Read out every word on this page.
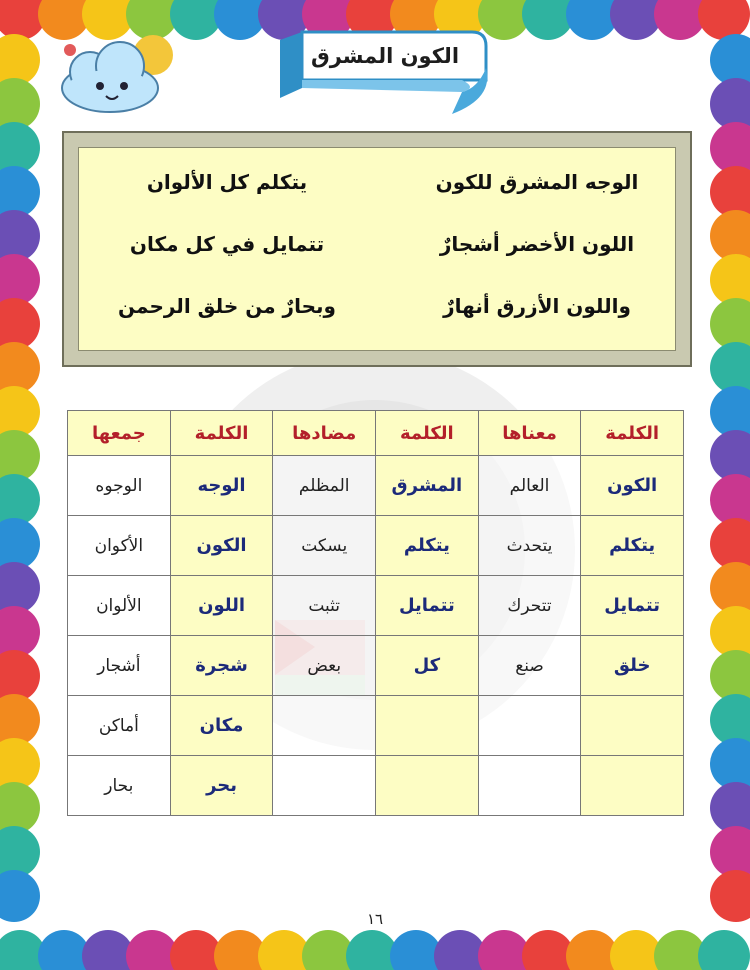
الكون المشرق
الوجه المشرق للكون
يتكلم كل الألوان
اللون الأخضر أشجارٌ
تتمايل في كل مكان
واللون الأزرق أنهارٌ
وبحارٌ من خلق الرحمن
الكلمة	معناها	الكلمة	مضادها	الكلمة	جمعها
الكون	العالم	المشرق	المظلم	الوجه	الوجوه
يتكلم	يتحدث	يتكلم	يسكت	الكون	الأكوان
تتمايل	تتحرك	تتمايل	تثبت	اللون	الألوان
خلق	صنع	كل	بعض	شجرة	أشجار
				مكان	أماكن
				بحر	بحار
١٦
